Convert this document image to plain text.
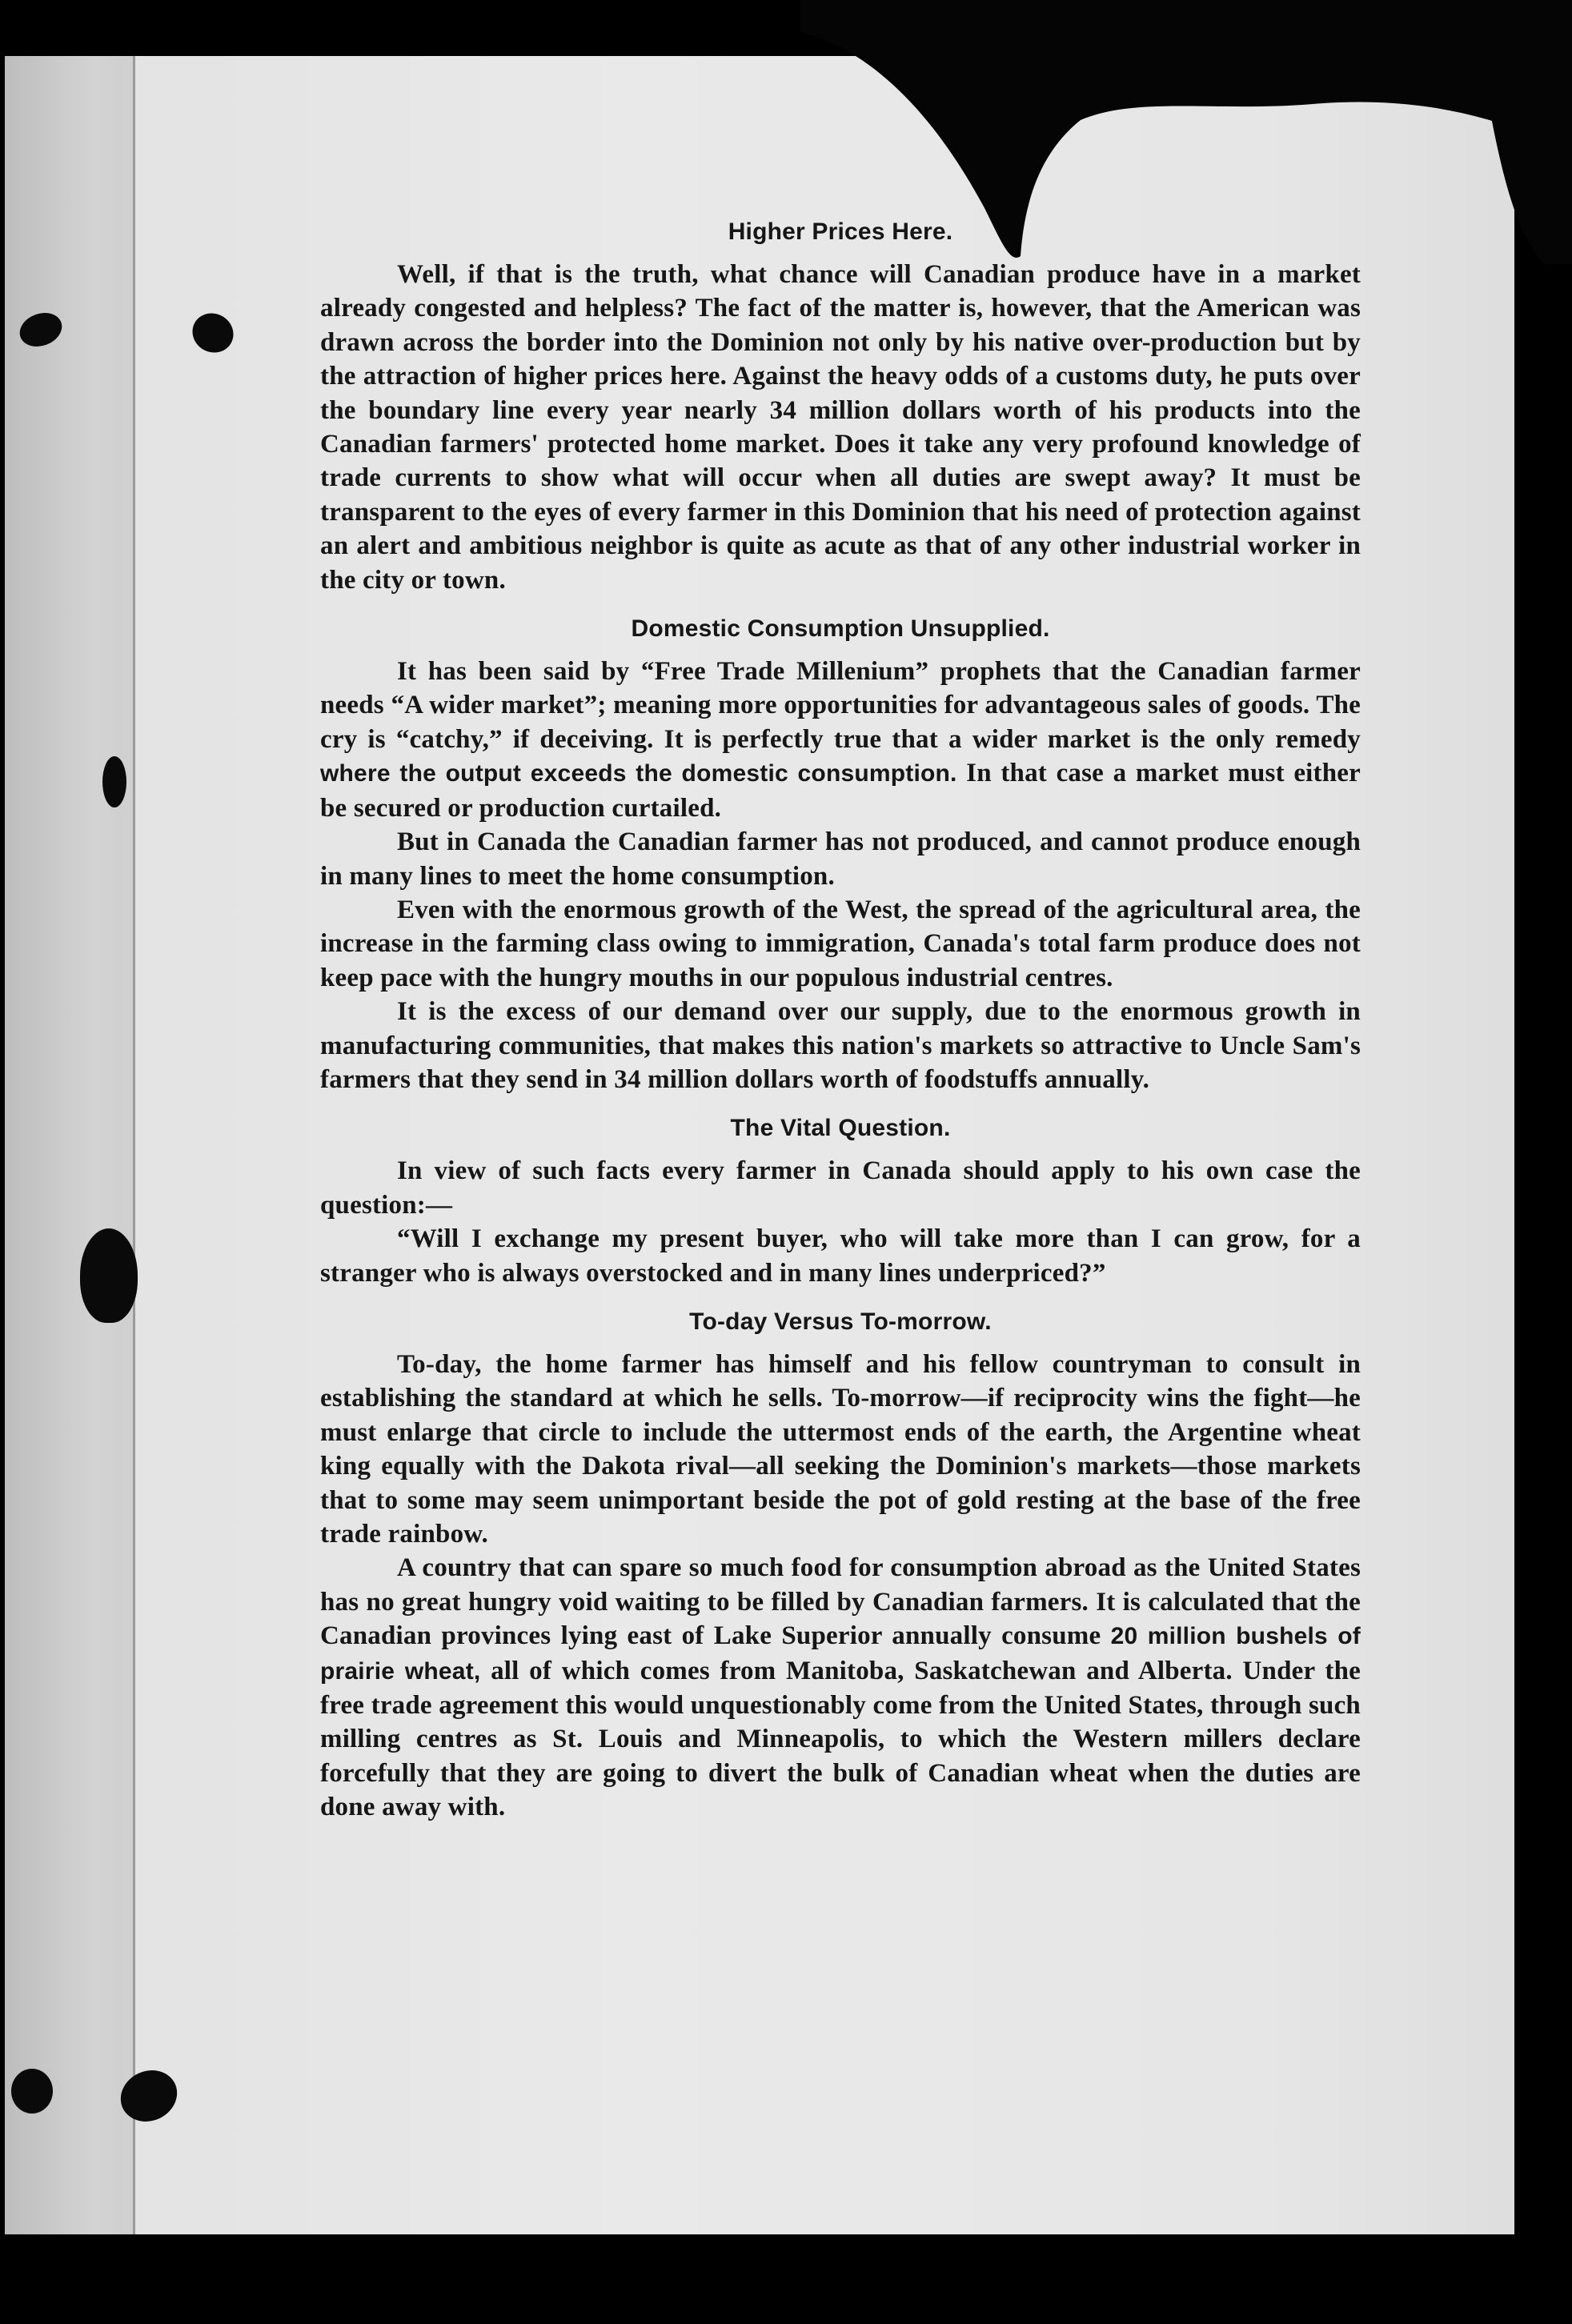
Higher Prices Here.

Well, if that is the truth, what chance will Canadian produce have in a market already congested and helpless? The fact of the matter is, however, that the American was drawn across the border into the Dominion not only by his native over-production but by the attraction of higher prices here. Against the heavy odds of a customs duty, he puts over the boundary line every year nearly 34 million dollars worth of his products into the Canadian farmers' protected home market. Does it take any very profound knowledge of trade currents to show what will occur when all duties are swept away? It must be transparent to the eyes of every farmer in this Dominion that his need of protection against an alert and ambitious neighbor is quite as acute as that of any other industrial worker in the city or town.

Domestic Consumption Unsupplied.

It has been said by “Free Trade Millenium” prophets that the Canadian farmer needs “A wider market”; meaning more opportunities for advantageous sales of goods. The cry is “catchy,” if deceiving. It is perfectly true that a wider market is the only remedy where the output exceeds the domestic consumption. In that case a market must either be secured or production curtailed.

But in Canada the Canadian farmer has not produced, and cannot produce enough in many lines to meet the home consumption.

Even with the enormous growth of the West, the spread of the agricultural area, the increase in the farming class owing to immigration, Canada's total farm produce does not keep pace with the hungry mouths in our populous industrial centres.

It is the excess of our demand over our supply, due to the enormous growth in manufacturing communities, that makes this nation's markets so attractive to Uncle Sam's farmers that they send in 34 million dollars worth of foodstuffs annually.

The Vital Question.

In view of such facts every farmer in Canada should apply to his own case the question:—

“Will I exchange my present buyer, who will take more than I can grow, for a stranger who is always overstocked and in many lines underpriced?”

To-day Versus To-morrow.

To-day, the home farmer has himself and his fellow countryman to consult in establishing the standard at which he sells. To-morrow—if reciprocity wins the fight—he must enlarge that circle to include the uttermost ends of the earth, the Argentine wheat king equally with the Dakota rival—all seeking the Dominion's markets—those markets that to some may seem unimportant beside the pot of gold resting at the base of the free trade rainbow.

A country that can spare so much food for consumption abroad as the United States has no great hungry void waiting to be filled by Canadian farmers. It is calculated that the Canadian provinces lying east of Lake Superior annually consume 20 million bushels of prairie wheat, all of which comes from Manitoba, Saskatchewan and Alberta. Under the free trade agreement this would unquestionably come from the United States, through such milling centres as St. Louis and Minneapolis, to which the Western millers declare forcefully that they are going to divert the bulk of Canadian wheat when the duties are done away with.
